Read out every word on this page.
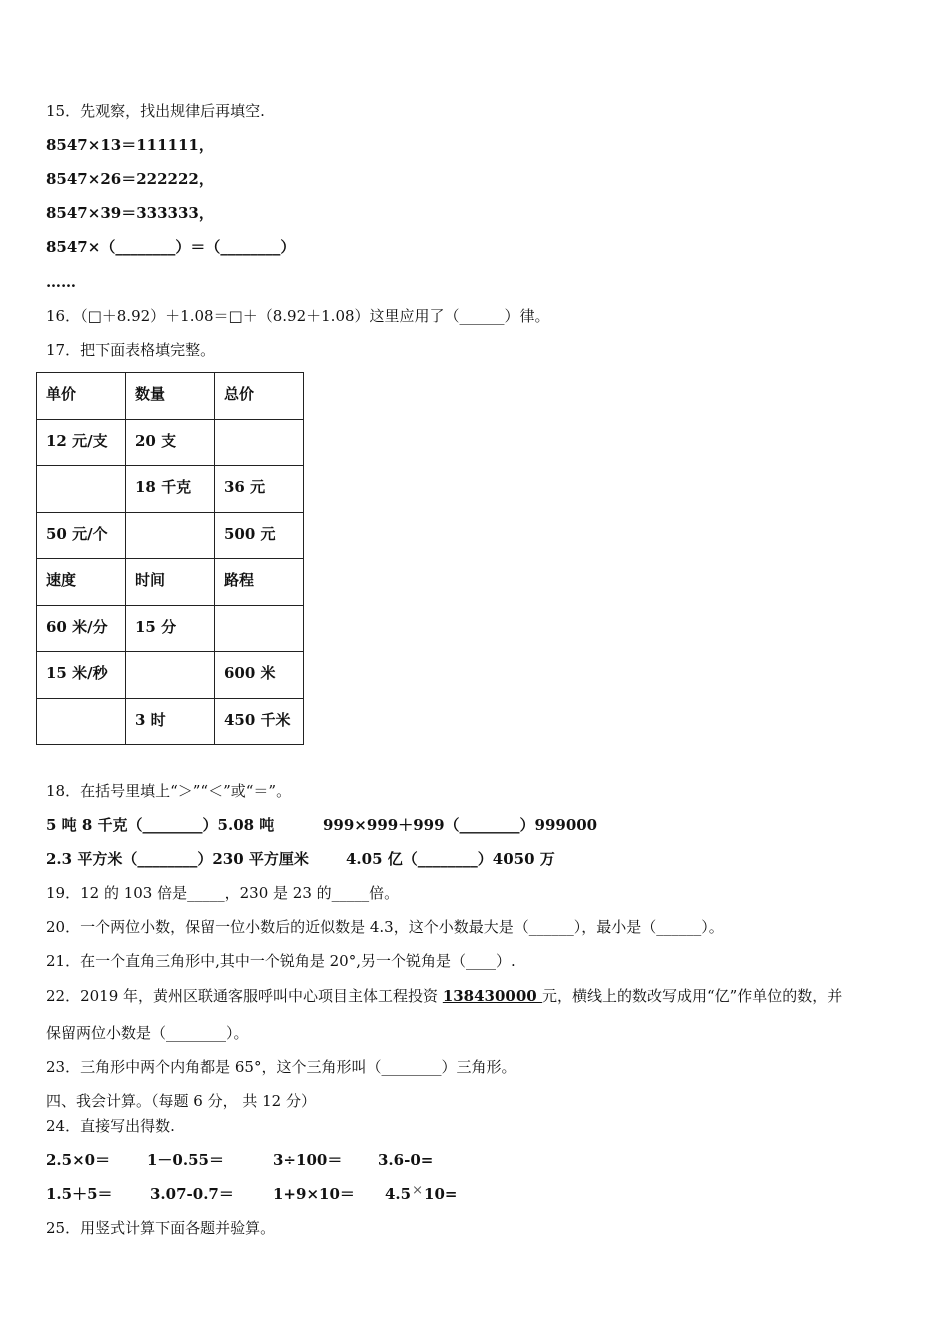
15．先观察，找出规律后再填空.
8547×13＝111111，
8547×26＝222222，
8547×39＝333333，
8547×（________）＝（________）
……
16．（□＋8.92）＋1.08＝□＋（8.92＋1.08）这里应用了（______）律。
17．把下面表格填完整。
单价	数量	总价
12 元/支	20 支	
	18 千克	36 元
50 元/个		500 元
速度	时间	路程
60 米/分	15 分	
15 米/秒		600 米
	3 时	450 千米
18．在括号里填上“＞”“＜”或“＝”。
5 吨 8 千克（________）5.08 吨	999×999＋999（________）999000
2.3 平方米（________）230 平方厘米 4.05 亿（________）4050 万
19．12 的 103 倍是_____，230 是 23 的_____倍。
20．一个两位小数，保留一位小数后的近似数是 4.3，这个小数最大是（______），最小是（______）。
21．在一个直角三角形中,其中一个锐角是 20°,另一个锐角是（____）.
22．2019 年，黄州区联通客服呼叫中心项目主体工程投资 138430000 元，横线上的数改写成用“亿”作单位的数，并
保留两位小数是（________）。
23．三角形中两个内角都是 65°，这个三角形叫（________）三角形。
四、我会计算。（每题 6 分， 共 12 分）
24．直接写出得数.
2.5×0＝ 1－0.55＝	3÷100＝ 3.6-0=
1.5＋5＝ 3.07-0.7＝	1+9×10＝ 4.5×10=
25．用竖式计算下面各题并验算。
